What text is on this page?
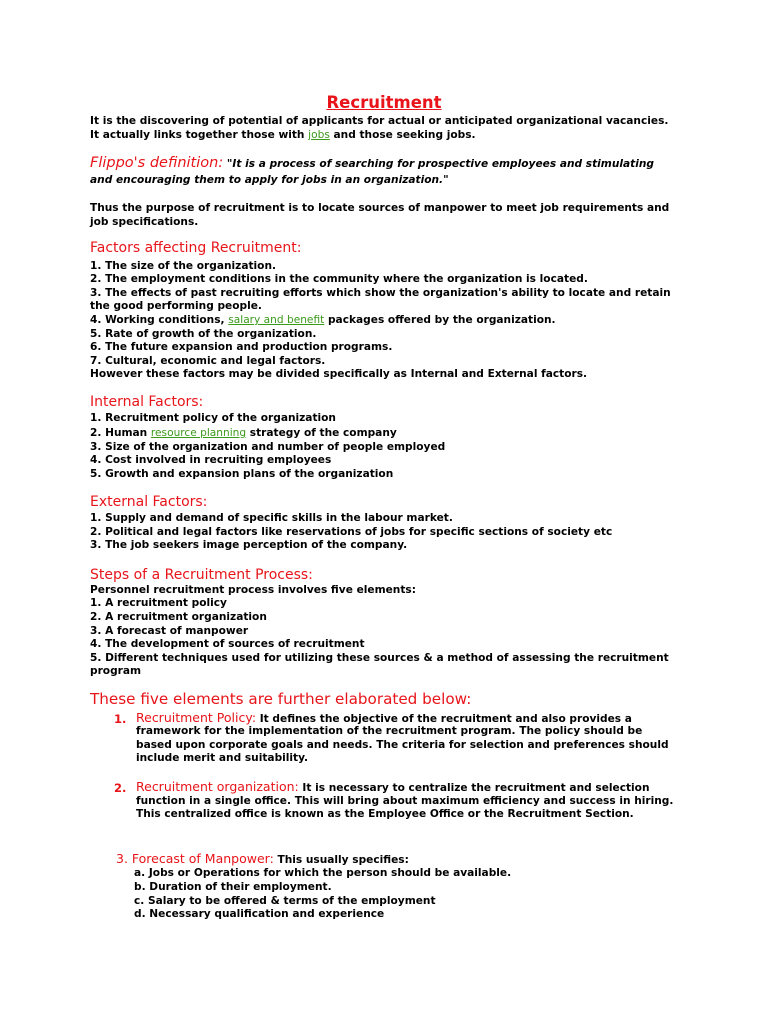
Recruitment
It is the discovering of potential of applicants for actual or anticipated organizational vacancies.
It actually links together those with jobs and those seeking jobs.
Flippo's definition: "It is a process of searching for prospective employees and stimulating
and encouraging them to apply for jobs in an organization."
Thus the purpose of recruitment is to locate sources of manpower to meet job requirements and
job specifications.
Factors affecting Recruitment:
1. The size of the organization.
2. The employment conditions in the community where the organization is located.
3. The effects of past recruiting efforts which show the organization's ability to locate and retain
the good performing people.
4. Working conditions, salary and benefit packages offered by the organization.
5. Rate of growth of the organization.
6. The future expansion and production programs.
7. Cultural, economic and legal factors.
However these factors may be divided specifically as Internal and External factors.
Internal Factors:
1. Recruitment policy of the organization
2. Human resource planning strategy of the company
3. Size of the organization and number of people employed
4. Cost involved in recruiting employees
5. Growth and expansion plans of the organization
External Factors:
1. Supply and demand of specific skills in the labour market.
2. Political and legal factors like reservations of jobs for specific sections of society etc
3. The job seekers image perception of the company.
Steps of a Recruitment Process:
Personnel recruitment process involves five elements:
1. A recruitment policy
2. A recruitment organization
3. A forecast of manpower
4. The development of sources of recruitment
5. Different techniques used for utilizing these sources & a method of assessing the recruitment
program
These five elements are further elaborated below:
1. Recruitment Policy: It defines the objective of the recruitment and also provides a
framework for the implementation of the recruitment program. The policy should be
based upon corporate goals and needs. The criteria for selection and preferences should
include merit and suitability.
2. Recruitment organization: It is necessary to centralize the recruitment and selection
function in a single office. This will bring about maximum efficiency and success in hiring.
This centralized office is known as the Employee Office or the Recruitment Section.
3. Forecast of Manpower: This usually specifies:
a. Jobs or Operations for which the person should be available.
b. Duration of their employment.
c. Salary to be offered & terms of the employment
d. Necessary qualification and experience
